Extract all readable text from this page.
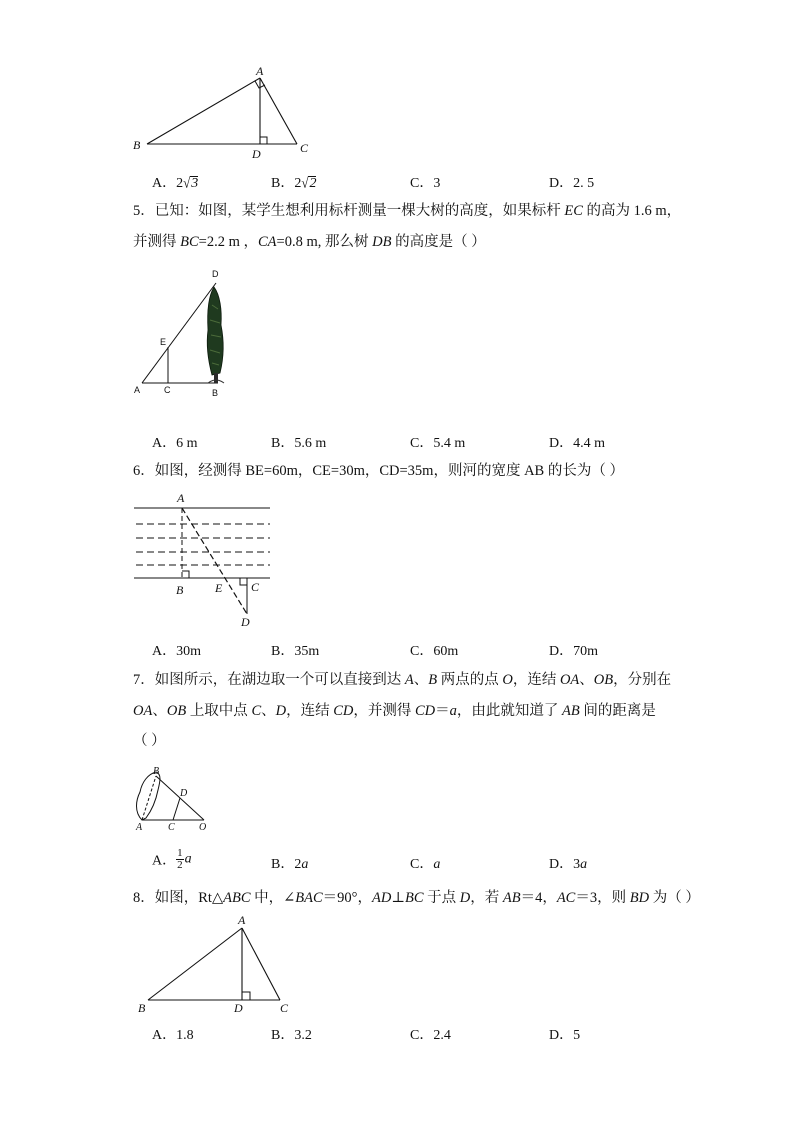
A
B
D	C
A．2√3	B．2√2	C．3	D．2. 5
5．已知：如图，某学生想利用标杆测量一棵大树的高度，如果标杆 EC 的高为 1.6 m，
并测得 BC=2.2 m ，CA=0.8 m, 那么树 DB 的高度是（ ）
D
E
A	C	B
A．6 m	B．5.6 m	C．5.4 m	D．4.4 m
6．如图，经测得 BE=60m，CE=30m，CD=35m，则河的宽度 AB 的长为（ ）
A
B	E C
D
A．30m	B．35m	C．60m	D．70m
7．如图所示，在湖边取一个可以直接到达 A、B 两点的点 O，连结 OA、OB，分别在
OA、OB 上取中点 C、D，连结 CD，并测得 CD＝a，由此就知道了 AB 间的距离是
（ ）
B
D
A	C O
A． $\frac{1}{2}$ a	B．2a	C．a	D．3a
8．如图，Rt△ABC 中，∠BAC＝90°，AD⊥BC 于点 D，若 AB＝4，AC＝3，则 BD 为（ ）
A
B	D	C
A．1.8	B．3.2	C．2.4	D．5
